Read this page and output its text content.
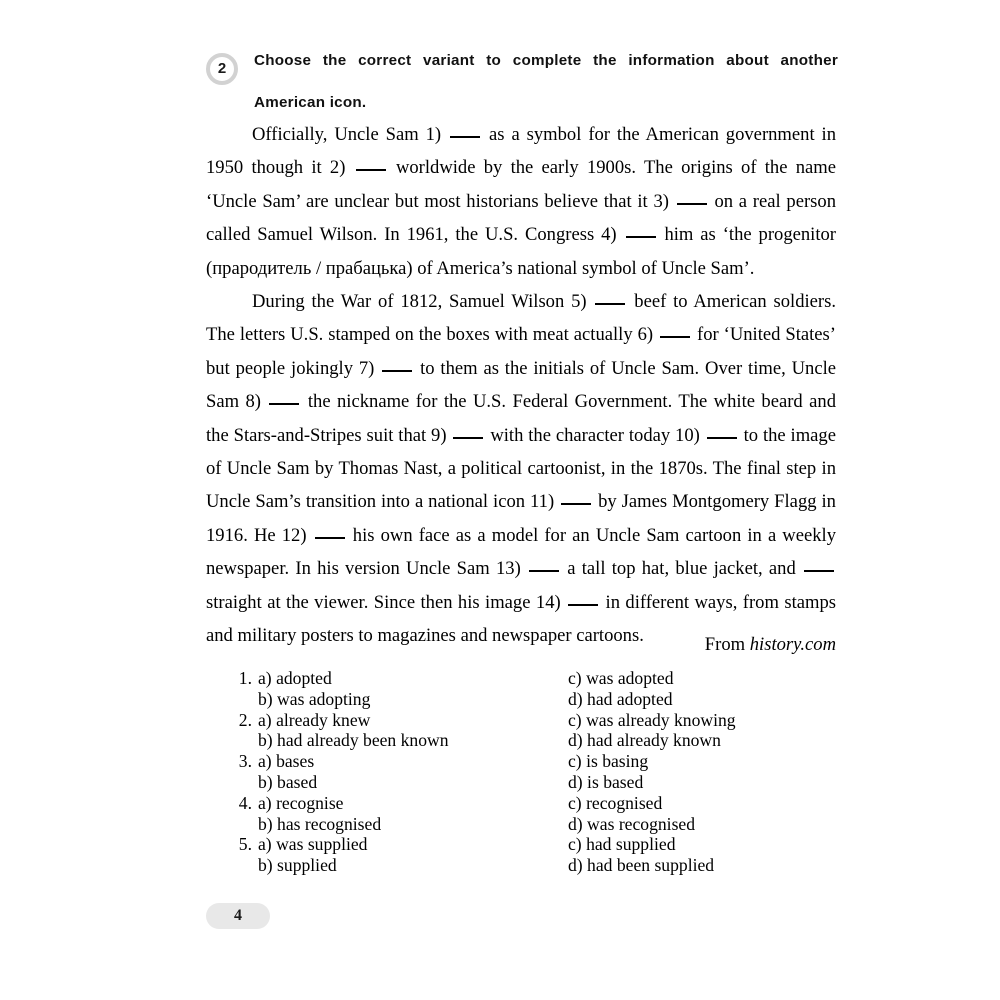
2 Choose the correct variant to complete the information about another
American icon.

Officially, Uncle Sam 1)  as a symbol for the American government in 1950 though it 2)  worldwide by the early 1900s. The origins of the name ‘Uncle Sam’ are unclear but most historians believe that it 3)  on a real person called Samuel Wilson. In 1961, the U.S. Congress 4)  him as ‘the progenitor (прародитель / прабацька) of America’s national symbol of Uncle Sam’.

During the War of 1812, Samuel Wilson 5)  beef to American soldiers. The letters U.S. stamped on the boxes with meat actually 6)  for ‘United States’ but people jokingly 7)  to them as the initials of Uncle Sam. Over time, Uncle Sam 8)  the nickname for the U.S. Federal Government. The white beard and the Stars-and-Stripes suit that 9)  with the character today 10)  to the image of Uncle Sam by Thomas Nast, a political cartoonist, in the 1870s. The final step in Uncle Sam’s transition into a national icon 11)  by James Montgomery Flagg in 1916. He 12)  his own face as a model for an Uncle Sam cartoon in a weekly newspaper. In his version Uncle Sam 13)  a tall top hat, blue jacket, and  straight at the viewer. Since then his image 14)  in different ways, from stamps and military posters to magazines and newspaper cartoons.	From history.com
1. a) adopted	c) was adopted
b) was adopting	d) had adopted
2. a) already knew	c) was already knowing
b) had already been known	d) had already known
3. a) bases	c) is basing
b) based	d) is based
4. a) recognise	c) recognised
b) has recognised	d) was recognised
5. a) was supplied	c) had supplied
b) supplied	d) had been supplied
4
